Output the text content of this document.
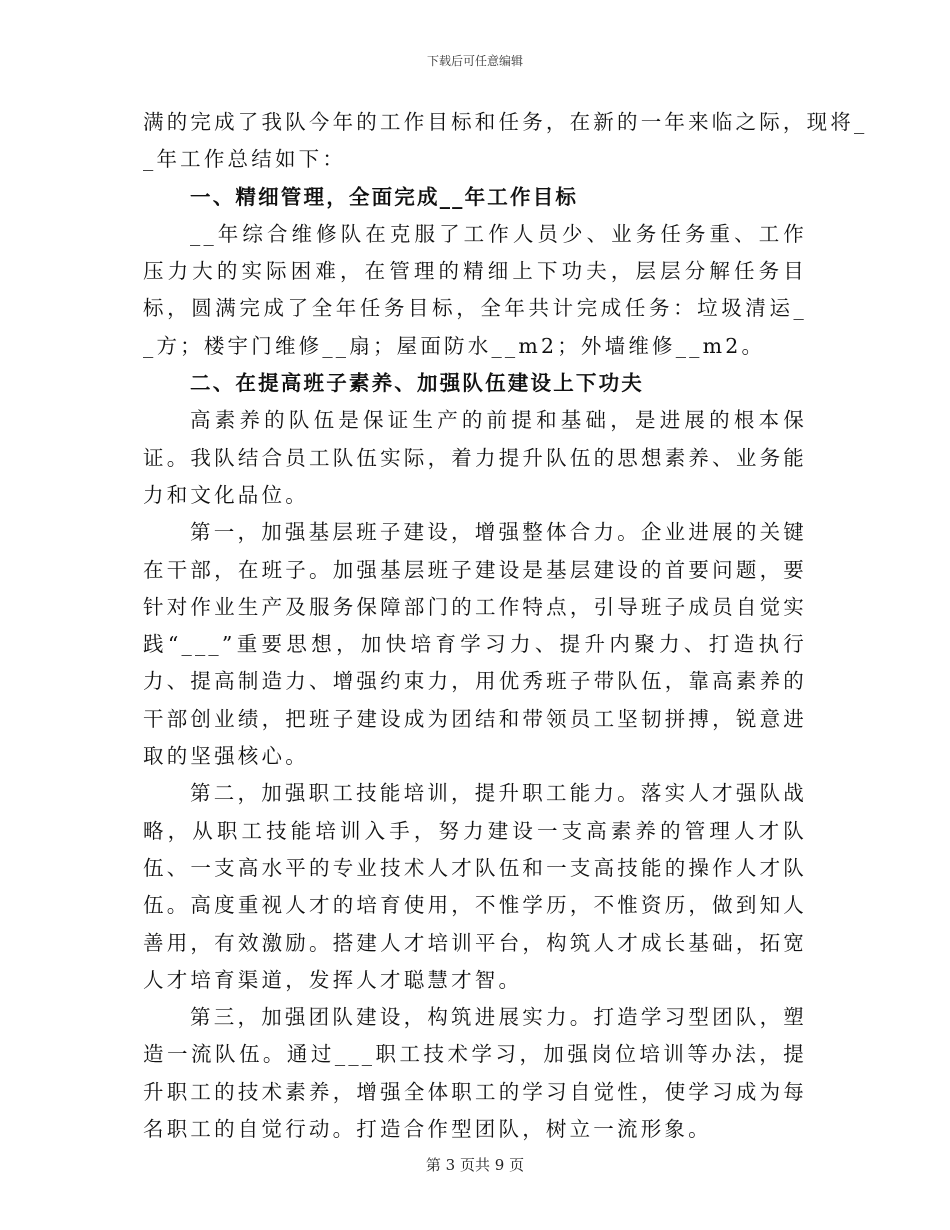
下载后可任意编辑

满的完成了我队今年的工作目标和任务，在新的一年来临之际，现将_
_年工作总结如下：

一、精细管理，全面完成__年工作目标

__年综合维修队在克服了工作人员少、业务任务重、工作压力大的实际困难，在管理的精细上下功夫，层层分解任务目标，圆满完成了全年任务目标，全年共计完成任务：垃圾清运__方；楼宇门维修__扇；屋面防水__m2；外墙维修__m2。

二、在提高班子素养、加强队伍建设上下功夫

高素养的队伍是保证生产的前提和基础，是进展的根本保证。我队结合员工队伍实际，着力提升队伍的思想素养、业务能力和文化品位。

第一，加强基层班子建设，增强整体合力。企业进展的关键在干部，在班子。加强基层班子建设是基层建设的首要问题，要针对作业生产及服务保障部门的工作特点，引导班子成员自觉实践“___”重要思想，加快培育学习力、提升内聚力、打造执行力、提高制造力、增强约束力，用优秀班子带队伍，靠高素养的干部创业绩，把班子建设成为团结和带领员工坚韧拼搏，锐意进取的坚强核心。

第二，加强职工技能培训，提升职工能力。落实人才强队战略，从职工技能培训入手，努力建设一支高素养的管理人才队伍、一支高水平的专业技术人才队伍和一支高技能的操作人才队伍。高度重视人才的培育使用，不惟学历，不惟资历，做到知人善用，有效激励。搭建人才培训平台，构筑人才成长基础，拓宽人才培育渠道，发挥人才聪慧才智。

第三，加强团队建设，构筑进展实力。打造学习型团队，塑造一流队伍。通过___职工技术学习，加强岗位培训等办法，提升职工的技术素养，增强全体职工的学习自觉性，使学习成为每名职工的自觉行动。打造合作型团队，树立一流形象。

第 3 页共 9 页
